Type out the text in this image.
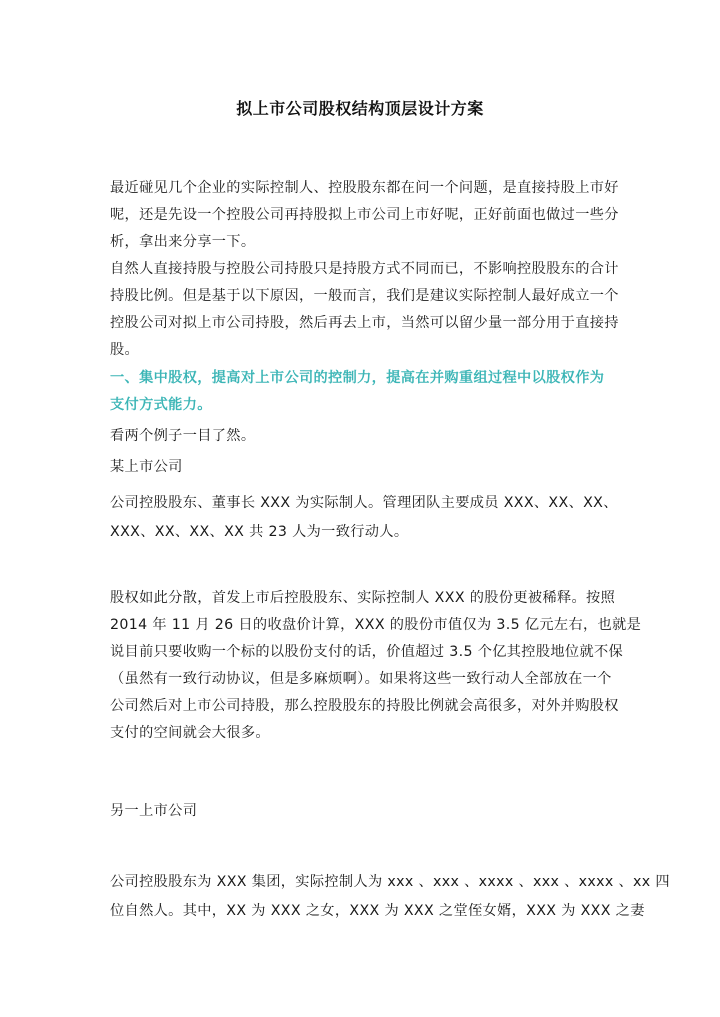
拟上市公司股权结构顶层设计方案
最近碰见几个企业的实际控制人、控股股东都在问一个问题，是直接持股上市好
呢，还是先设一个控股公司再持股拟上市公司上市好呢，正好前面也做过一些分
析，拿出来分享一下。
自然人直接持股与控股公司持股只是持股方式不同而已，不影响控股股东的合计
持股比例。但是基于以下原因，一般而言，我们是建议实际控制人最好成立一个
控股公司对拟上市公司持股，然后再去上市，当然可以留少量一部分用于直接持
股。
一、集中股权，提高对上市公司的控制力，提高在并购重组过程中以股权作为
支付方式能力。
看两个例子一目了然。
某上市公司
公司控股股东、董事长 XXX 为实际制人。管理团队主要成员 XXX、XX、XX、
XXX、XX、XX、XX 共 23 人为一致行动人。
股权如此分散，首发上市后控股股东、实际控制人 XXX 的股份更被稀释。按照
2014 年 11 月 26 日的收盘价计算，XXX 的股份市值仅为 3.5 亿元左右，也就是
说目前只要收购一个标的以股份支付的话，价值超过 3.5 个亿其控股地位就不保
（虽然有一致行动协议，但是多麻烦啊）。如果将这些一致行动人全部放在一个
公司然后对上市公司持股，那么控股股东的持股比例就会高很多，对外并购股权
支付的空间就会大很多。
另一上市公司
公司控股股东为 XXX 集团，实际控制人为 xxx 、xxx 、xxxx 、xxx 、xxxx 、xx 四
位自然人。其中，XX 为 XXX 之女，XXX 为 XXX 之堂侄女婿，XXX 为 XXX 之妻
